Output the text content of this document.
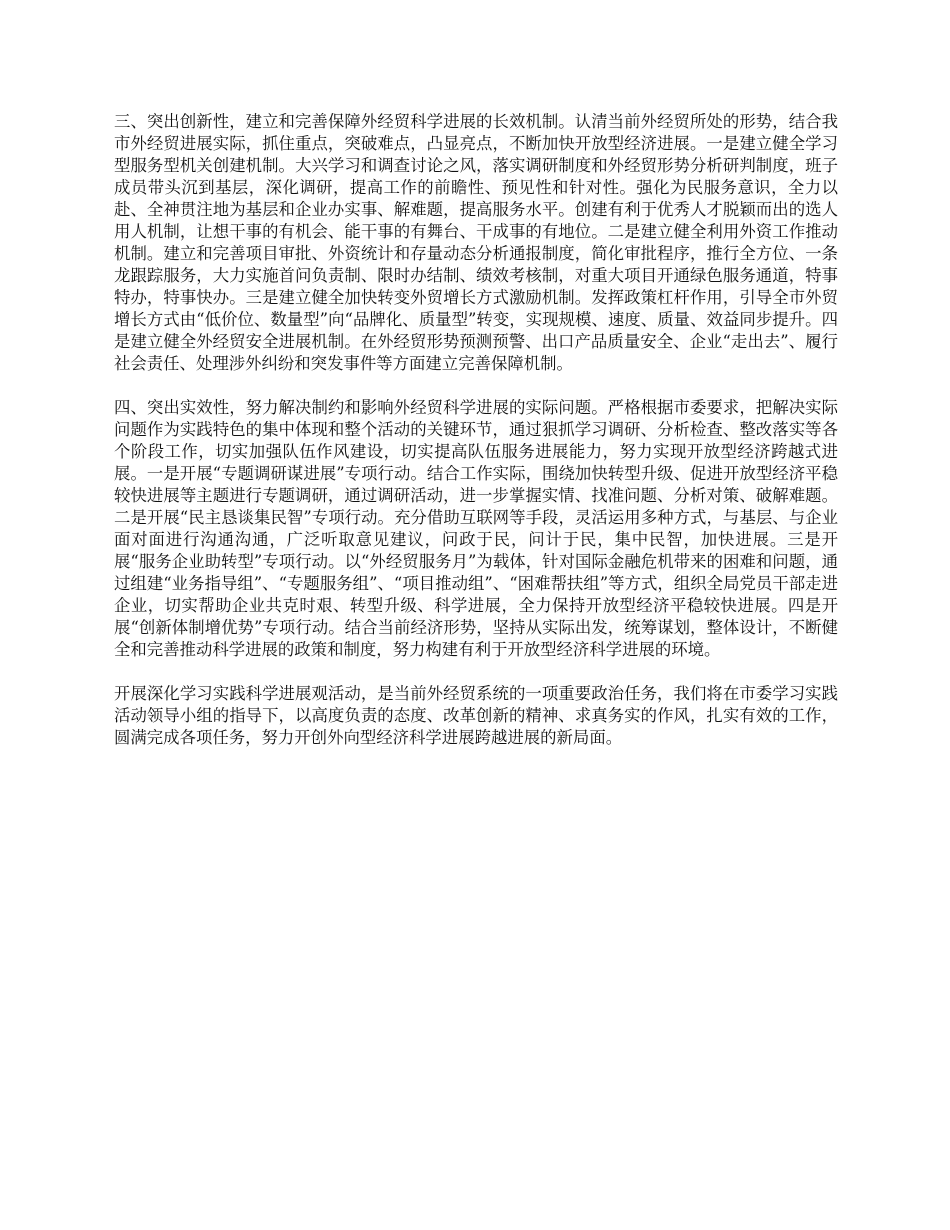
三、突出创新性，建立和完善保障外经贸科学进展的长效机制。认清当前外经贸所处的形势，结合我市外经贸进展实际，抓住重点，突破难点，凸显亮点，不断加快开放型经济进展。一是建立健全学习型服务型机关创建机制。大兴学习和调查讨论之风，落实调研制度和外经贸形势分析研判制度，班子成员带头沉到基层，深化调研，提高工作的前瞻性、预见性和针对性。强化为民服务意识，全力以赴、全神贯注地为基层和企业办实事、解难题，提高服务水平。创建有利于优秀人才脱颖而出的选人用人机制，让想干事的有机会、能干事的有舞台、干成事的有地位。二是建立健全利用外资工作推动机制。建立和完善项目审批、外资统计和存量动态分析通报制度，简化审批程序，推行全方位、一条龙跟踪服务，大力实施首问负责制、限时办结制、绩效考核制，对重大项目开通绿色服务通道，特事特办，特事快办。三是建立健全加快转变外贸增长方式激励机制。发挥政策杠杆作用，引导全市外贸增长方式由“低价位、数量型”向“品牌化、质量型”转变，实现规模、速度、质量、效益同步提升。四是建立健全外经贸安全进展机制。在外经贸形势预测预警、出口产品质量安全、企业“走出去”、履行社会责任、处理涉外纠纷和突发事件等方面建立完善保障机制。

四、突出实效性，努力解决制约和影响外经贸科学进展的实际问题。严格根据市委要求，把解决实际问题作为实践特色的集中体现和整个活动的关键环节，通过狠抓学习调研、分析检查、整改落实等各个阶段工作，切实加强队伍作风建设，切实提高队伍服务进展能力，努力实现开放型经济跨越式进展。一是开展“专题调研谋进展”专项行动。结合工作实际，围绕加快转型升级、促进开放型经济平稳较快进展等主题进行专题调研，通过调研活动，进一步掌握实情、找准问题、分析对策、破解难题。二是开展“民主恳谈集民智”专项行动。充分借助互联网等手段，灵活运用多种方式，与基层、与企业面对面进行沟通沟通，广泛听取意见建议，问政于民，问计于民，集中民智，加快进展。三是开展“服务企业助转型”专项行动。以“外经贸服务月”为载体，针对国际金融危机带来的困难和问题，通过组建“业务指导组”、“专题服务组”、“项目推动组”、“困难帮扶组”等方式，组织全局党员干部走进企业，切实帮助企业共克时艰、转型升级、科学进展，全力保持开放型经济平稳较快进展。四是开展“创新体制增优势”专项行动。结合当前经济形势，坚持从实际出发，统筹谋划，整体设计，不断健全和完善推动科学进展的政策和制度，努力构建有利于开放型经济科学进展的环境。

开展深化学习实践科学进展观活动，是当前外经贸系统的一项重要政治任务，我们将在市委学习实践活动领导小组的指导下，以高度负责的态度、改革创新的精神、求真务实的作风，扎实有效的工作，圆满完成各项任务，努力开创外向型经济科学进展跨越进展的新局面。
